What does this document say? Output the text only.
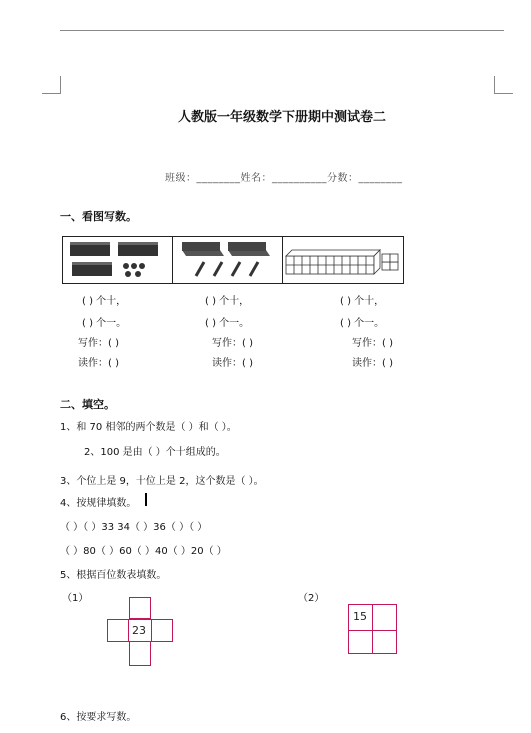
人教版一年级数学下册期中测试卷二
班级：________姓名：__________分数：________
一、看图写数。
( ) 个十，	( ) 个十，	( ) 个十，
( ) 个一。	( ) 个一。	( ) 个一。
写作：( )	写作：( )	写作：( )
读作：( )	读作：( )	读作：( )
二、填空。
1、和 70 相邻的两个数是（ ）和（ ）。
2、100 是由（ ）个十组成的。
3、个位上是 9，十位上是 2，这个数是（ ）。
4、按规律填数。
（ ）（ ）33 34（ ）36（ ）（ ）
（ ）80（ ）60（ ）40（ ）20（ ）
5、根据百位数表填数。
（1）	（2）
23
15
6、按要求写数。
